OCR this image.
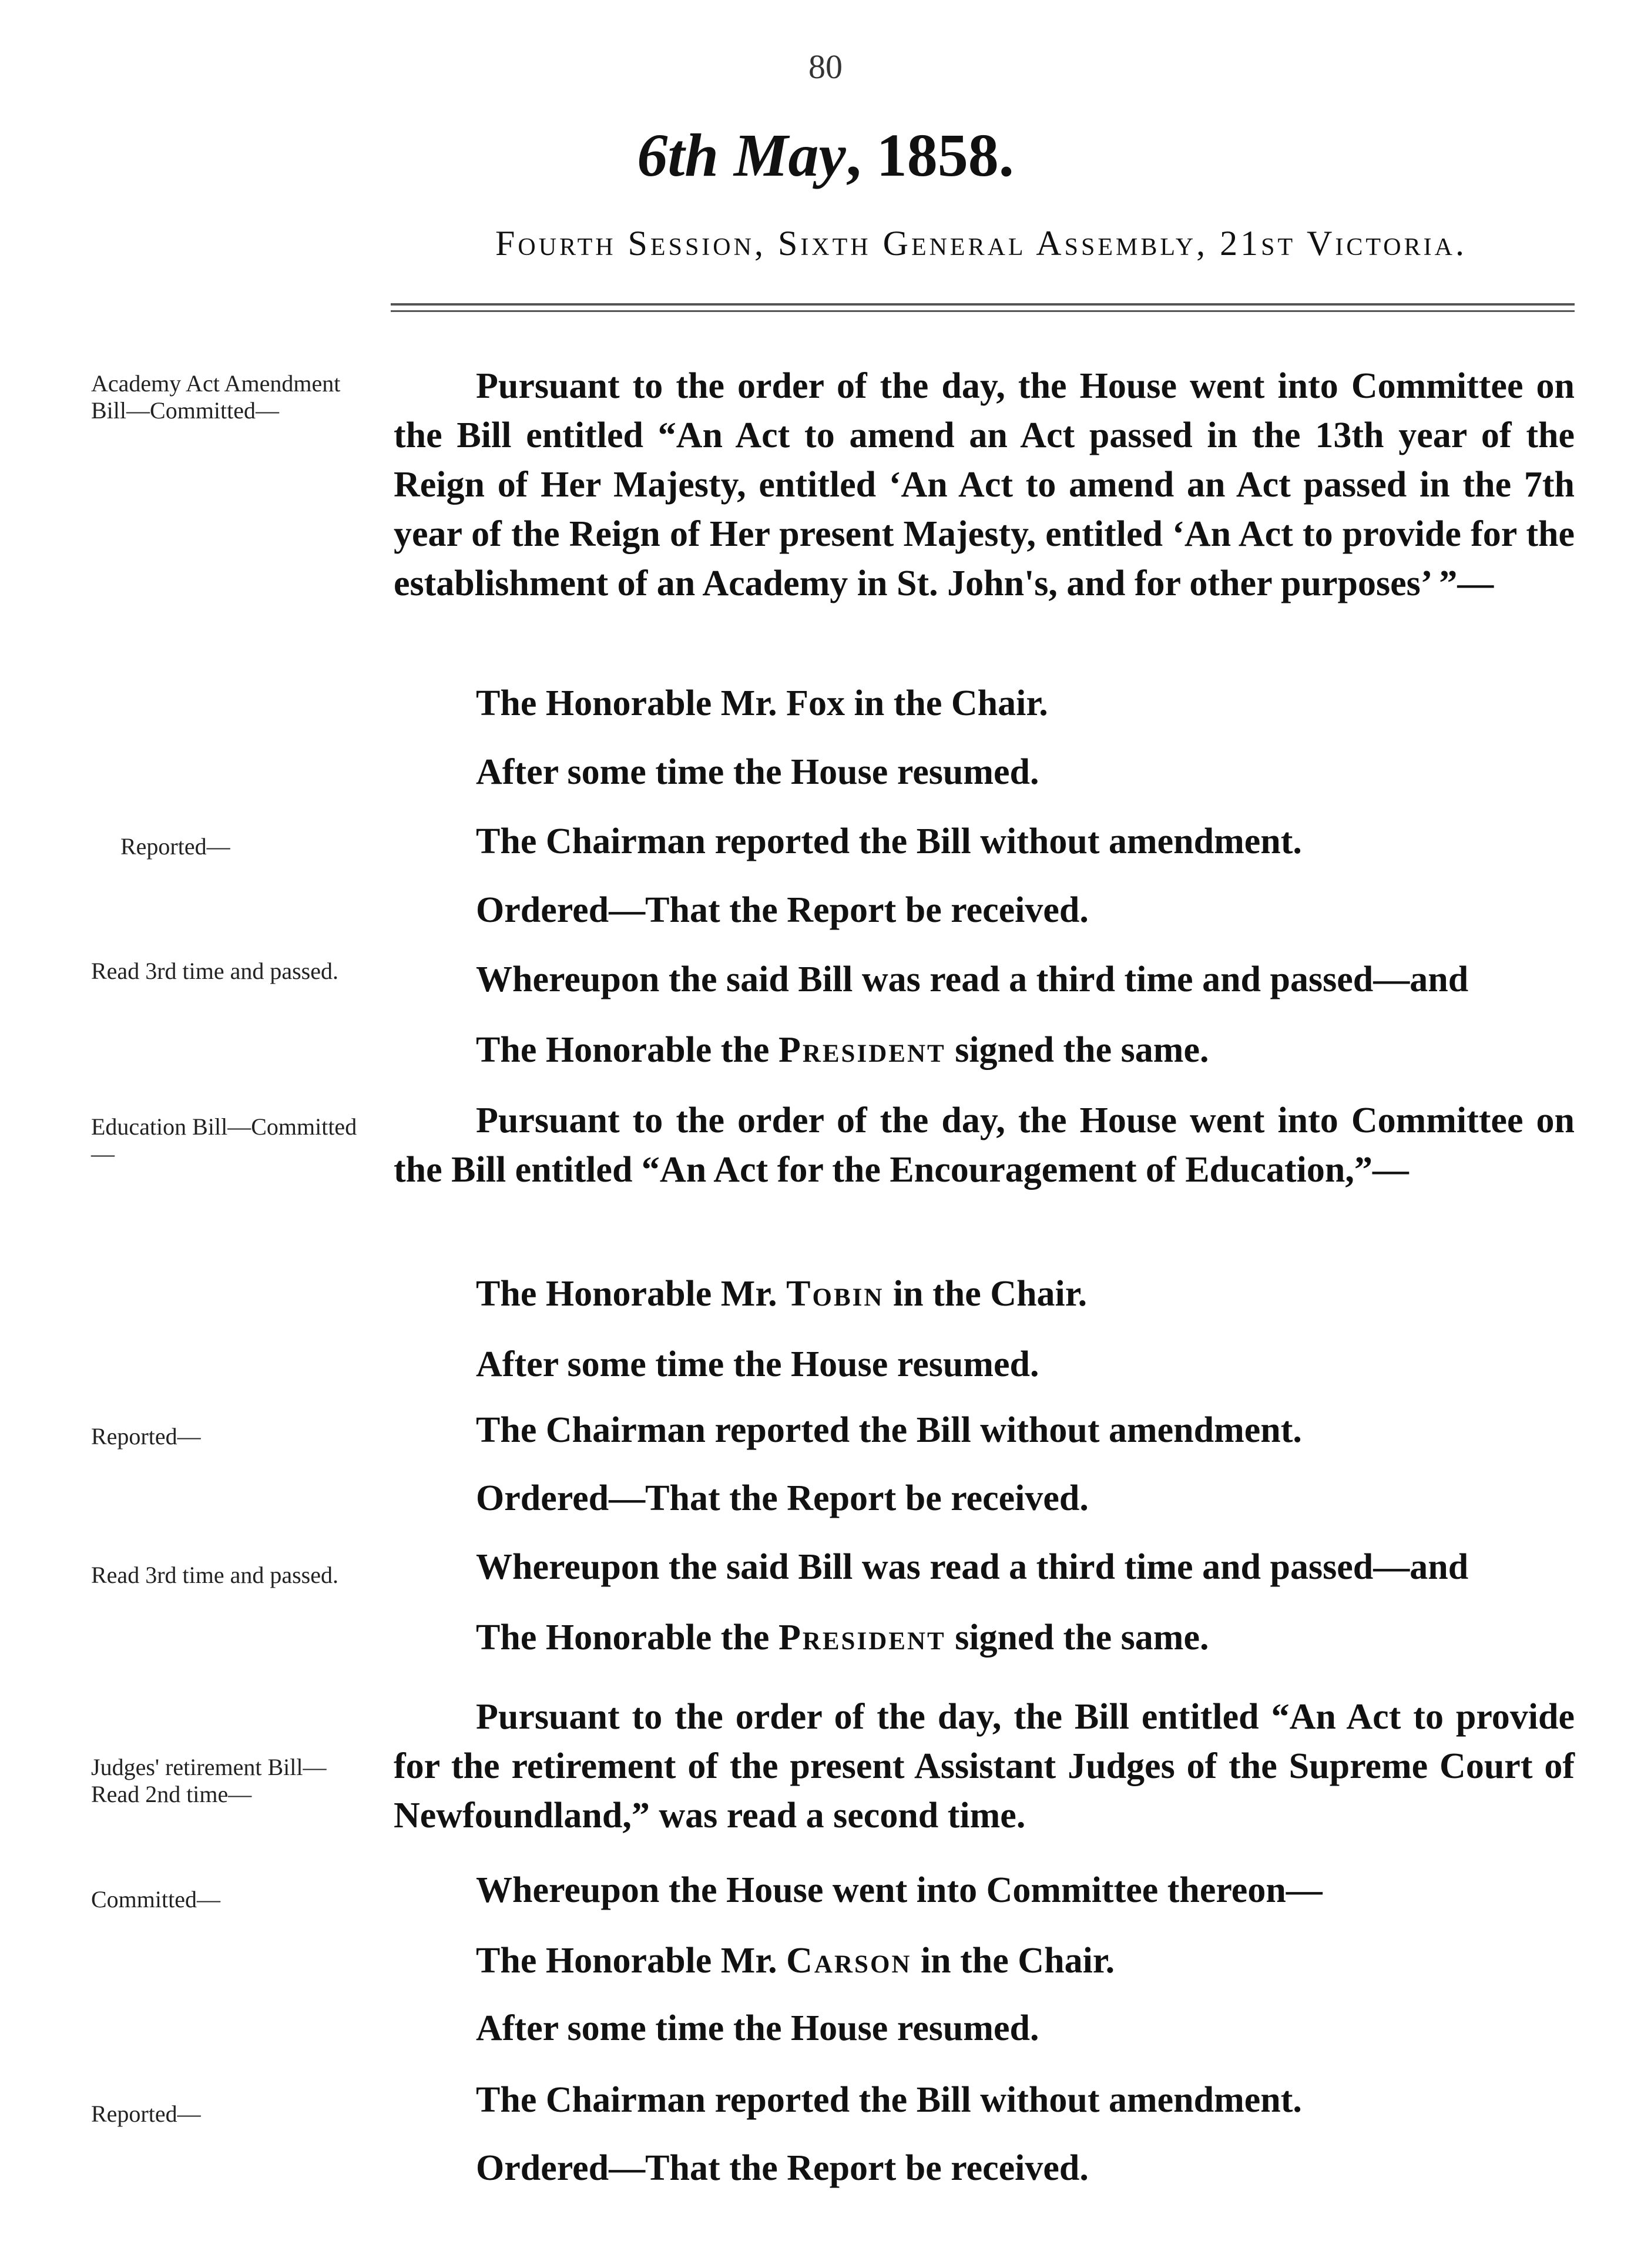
80
6th May, 1858.
Fourth Session, Sixth General Assembly, 21st Victoria.
Academy Act Amendment Bill—Committed—
Reported—
Read 3rd time and passed.
Education Bill—Committed—
Reported—
Read 3rd time and passed.
Judges' retirement Bill—Read 2nd time—
Committed—
Reported—
Pursuant to the order of the day, the House went into Committee on the Bill entitled “An Act to amend an Act passed in the 13th year of the Reign of Her Majesty, entitled ‘An Act to amend an Act passed in the 7th year of the Reign of Her present Majesty, entitled ‘An Act to provide for the establishment of an Academy in St. John's, and for other purposes’ ”—
The Honorable Mr. Fox in the Chair.
After some time the House resumed.
The Chairman reported the Bill without amendment.
Ordered—That the Report be received.
Whereupon the said Bill was read a third time and passed—and
The Honorable the President signed the same.
Pursuant to the order of the day, the House went into Committee on the Bill entitled “An Act for the Encouragement of Education,”—
The Honorable Mr. Tobin in the Chair.
After some time the House resumed.
The Chairman reported the Bill without amendment.
Ordered—That the Report be received.
Whereupon the said Bill was read a third time and passed—and
The Honorable the President signed the same.
Pursuant to the order of the day, the Bill entitled “An Act to provide for the retirement of the present Assistant Judges of the Supreme Court of Newfoundland,” was read a second time.
Whereupon the House went into Committee thereon—
The Honorable Mr. Carson in the Chair.
After some time the House resumed.
The Chairman reported the Bill without amendment.
Ordered—That the Report be received.
